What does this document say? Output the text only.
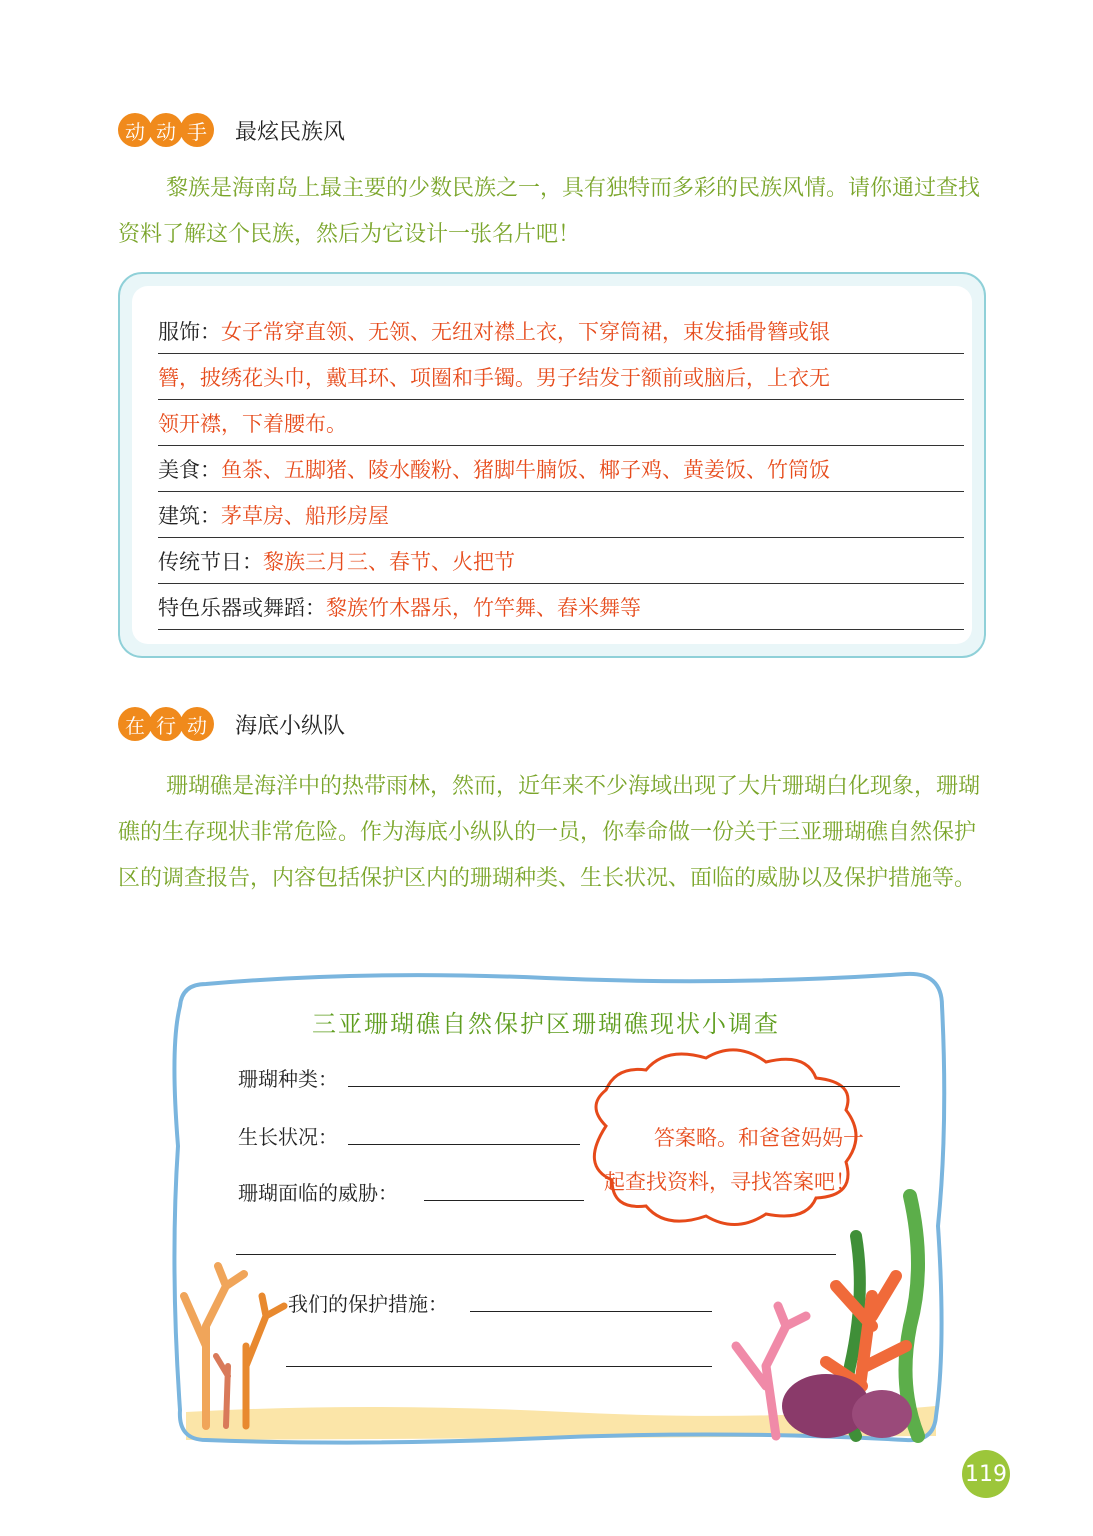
动 动 手	最炫民族风
黎族是海南岛上最主要的少数民族之一，具有独特而多彩的民族风情。请你通过查找资料了解这个民族，然后为它设计一张名片吧！
服饰：女子常穿直领、无领、无纽对襟上衣，下穿筒裙，束发插骨簪或银
簪，披绣花头巾，戴耳环、项圈和手镯。男子结发于额前或脑后，上衣无
领开襟，下着腰布。
美食：鱼茶、五脚猪、陵水酸粉、猪脚牛腩饭、椰子鸡、黄姜饭、竹筒饭
建筑：茅草房、船形房屋
传统节日：黎族三月三、春节、火把节
特色乐器或舞蹈：黎族竹木器乐，竹竿舞、舂米舞等
在 行 动	海底小纵队
珊瑚礁是海洋中的热带雨林，然而，近年来不少海域出现了大片珊瑚白化现象，珊瑚礁的生存现状非常危险。作为海底小纵队的一员，你奉命做一份关于三亚珊瑚礁自然保护区的调查报告，内容包括保护区内的珊瑚种类、生长状况、面临的威胁以及保护措施等。
三亚珊瑚礁自然保护区珊瑚礁现状小调查
珊瑚种类：
生长状况：
珊瑚面临的威胁：
我们的保护措施：
答案略。和爸爸妈妈一
起查找资料，寻找答案吧！
119
